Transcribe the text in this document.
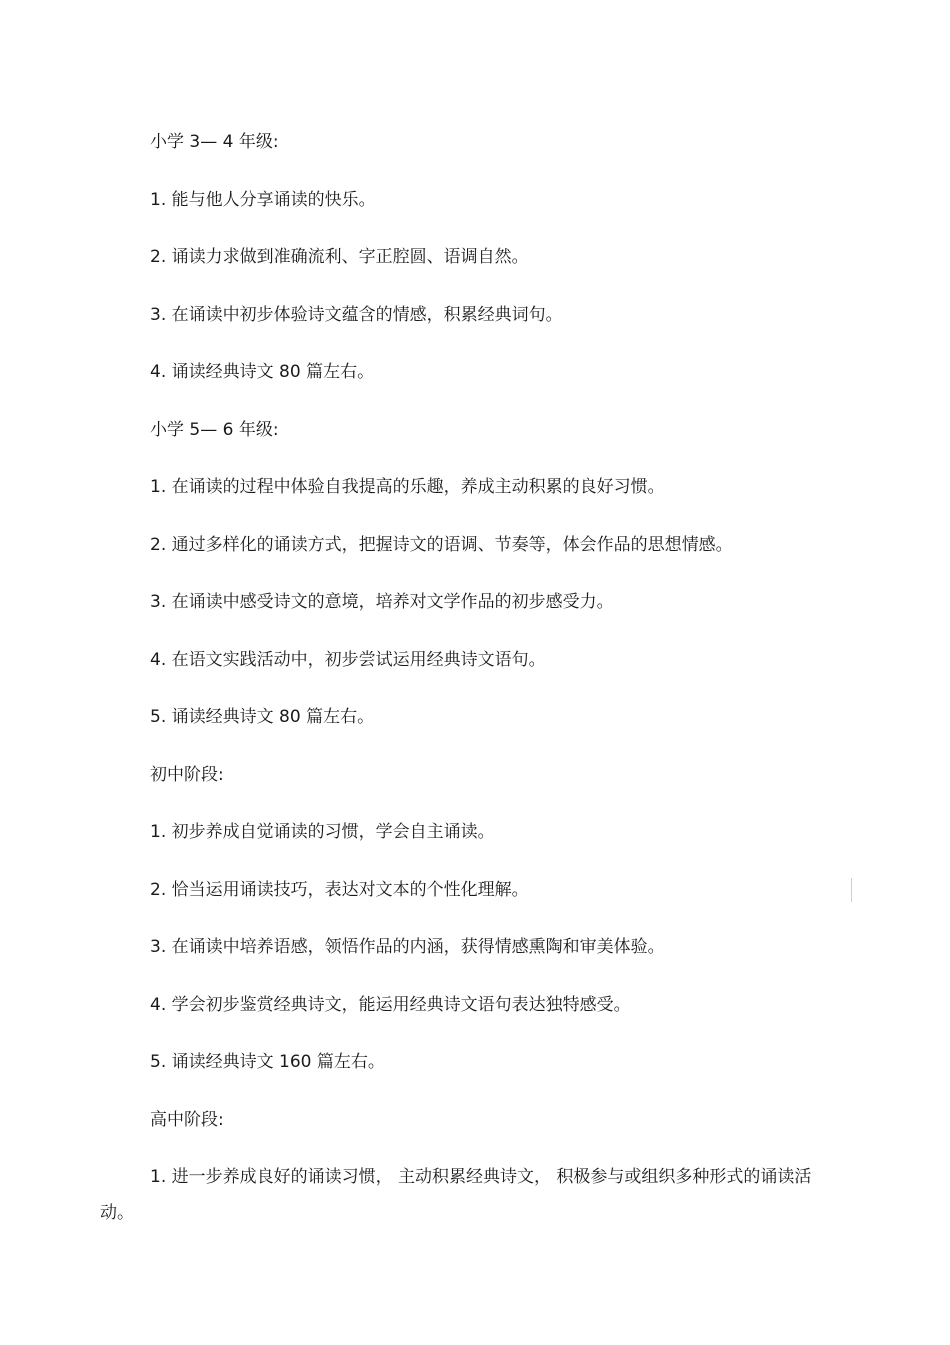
小学 3— 4 年级:
1. 能与他人分享诵读的快乐。
2. 诵读力求做到准确流利、字正腔圆、语调自然。
3. 在诵读中初步体验诗文蕴含的情感，积累经典词句。
4. 诵读经典诗文 80 篇左右。
小学 5— 6 年级:
1. 在诵读的过程中体验自我提高的乐趣，养成主动积累的良好习惯。
2. 通过多样化的诵读方式，把握诗文的语调、节奏等，体会作品的思想情感。
3. 在诵读中感受诗文的意境，培养对文学作品的初步感受力。
4. 在语文实践活动中，初步尝试运用经典诗文语句。
5. 诵读经典诗文 80 篇左右。
初中阶段:
1. 初步养成自觉诵读的习惯，学会自主诵读。
2. 恰当运用诵读技巧，表达对文本的个性化理解。
3. 在诵读中培养语感，领悟作品的内涵，获得情感熏陶和审美体验。
4. 学会初步鉴赏经典诗文，能运用经典诗文语句表达独特感受。
5. 诵读经典诗文 160 篇左右。
高中阶段:
1. 进一步养成良好的诵读习惯， 主动积累经典诗文， 积极参与或组织多种形式的诵读活动。
